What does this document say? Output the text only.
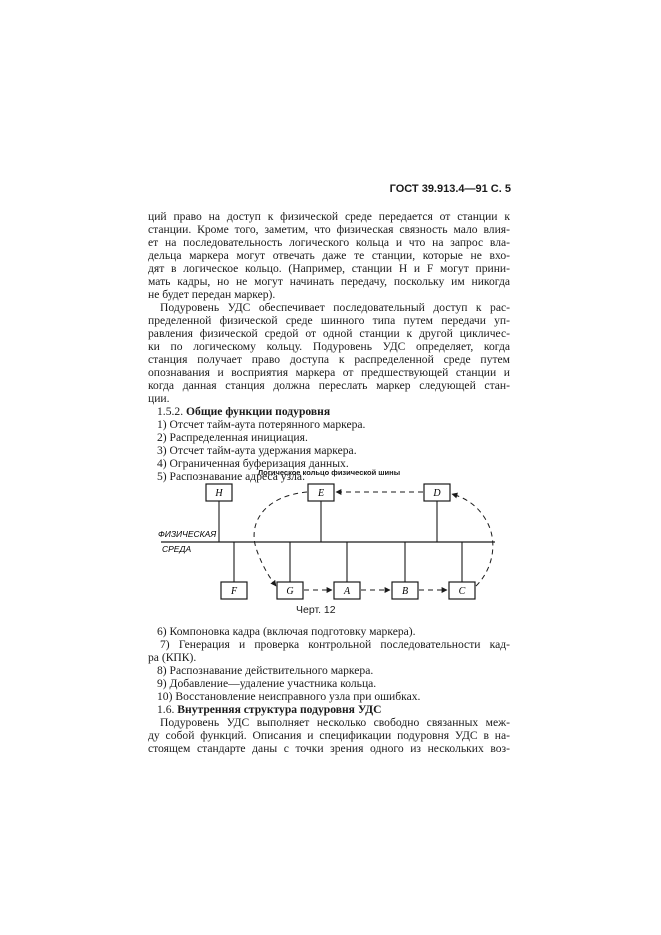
ГОСТ 39.913.4—91 С. 5
ций право на доступ к физической среде передается от станции к
станции. Кроме того, заметим, что физическая связность мало влия-
ет на последовательность логического кольца и что на запрос вла-
дельца маркера могут отвечать даже те станции, которые не вхо-
дят в логическое кольцо. (Например, станции Н и F могут прини-
мать кадры, но не могут начинать передачу, поскольку им никогда
не будет передан маркер).
Подуровень УДС обеспечивает последовательный доступ к рас-
пределенной физической среде шинного типа путем передачи уп-
равления физической средой от одной станции к другой цикличес-
ки по логическому кольцу. Подуровень УДС определяет, когда
станция получает право доступа к распределенной среде путем
опознавания и восприятия маркера от предшествующей станции и
когда данная станция должна переслать маркер следующей стан-
ции.
1.5.2. Общие функции подуровня
1) Отсчет тайм-аута потерянного маркера.
2) Распределенная инициация.
3) Отсчет тайм-аута удержания маркера.
4) Ограниченная буферизация данных.
5) Распознавание адреса узла.
Логическое кольцо физической шины
ФИЗИЧЕСКАЯ
СРЕДА
H	E	D
F	G	A	B	C
Черт. 12
6) Компоновка кадра (включая подготовку маркера).
7) Генерация и проверка контрольной последовательности кад-
ра (КПК).
8) Распознавание действительного маркера.
9) Добавление—удаление участника кольца.
10) Восстановление неисправного узла при ошибках.
1.6. Внутренняя структура подуровня УДС
Подуровень УДС выполняет несколько свободно связанных меж-
ду собой функций. Описания и спецификации подуровня УДС в на-
стоящем стандарте даны с точки зрения одного из нескольких воз-
